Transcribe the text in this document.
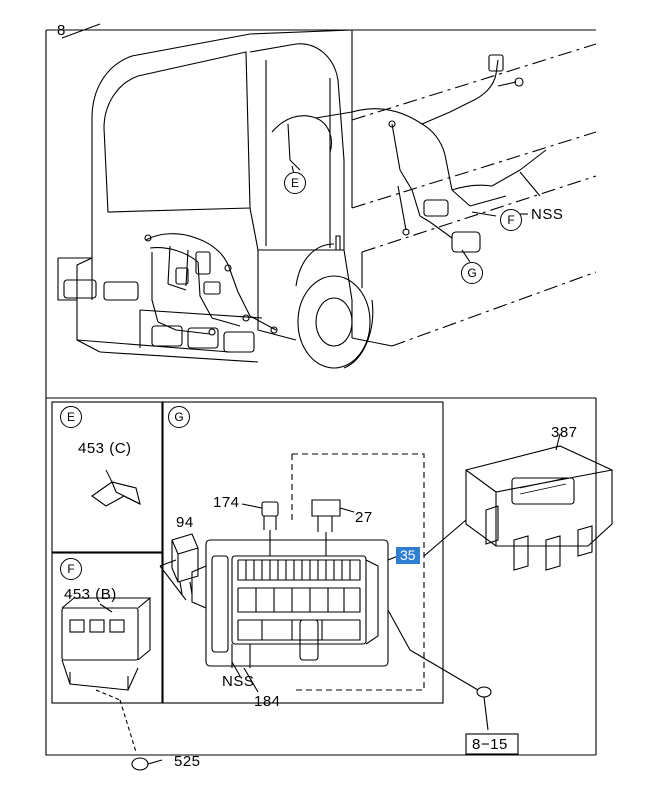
8
NSS
387
453 (C)
453 (B)
174
94	27
35
NSS
184
525
8−15
E
F
G
E
F
G
